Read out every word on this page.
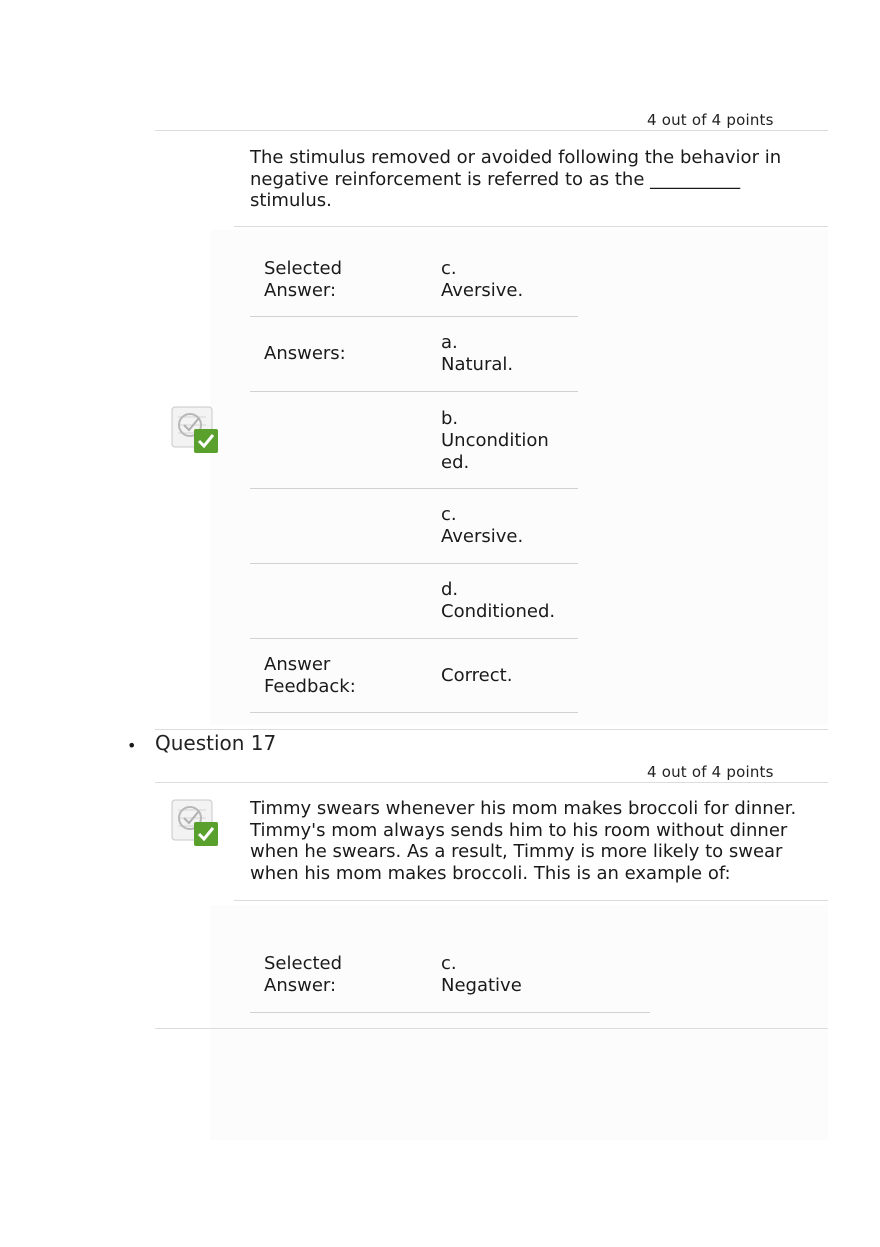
4 out of 4 points
The stimulus removed or avoided following the behavior in negative reinforcement is referred to as the __________ stimulus.
Selected
Answer:
c.
Aversive.
Answers:
a.
Natural.
b.
Uncondition
ed.
c.
Aversive.
d.
Conditioned.
Answer
Feedback:
Correct.
• Question 17
4 out of 4 points
Timmy swears whenever his mom makes broccoli for dinner. Timmy's mom always sends him to his room without dinner when he swears. As a result, Timmy is more likely to swear when his mom makes broccoli. This is an example of:
Selected
Answer:
c.
Negative
